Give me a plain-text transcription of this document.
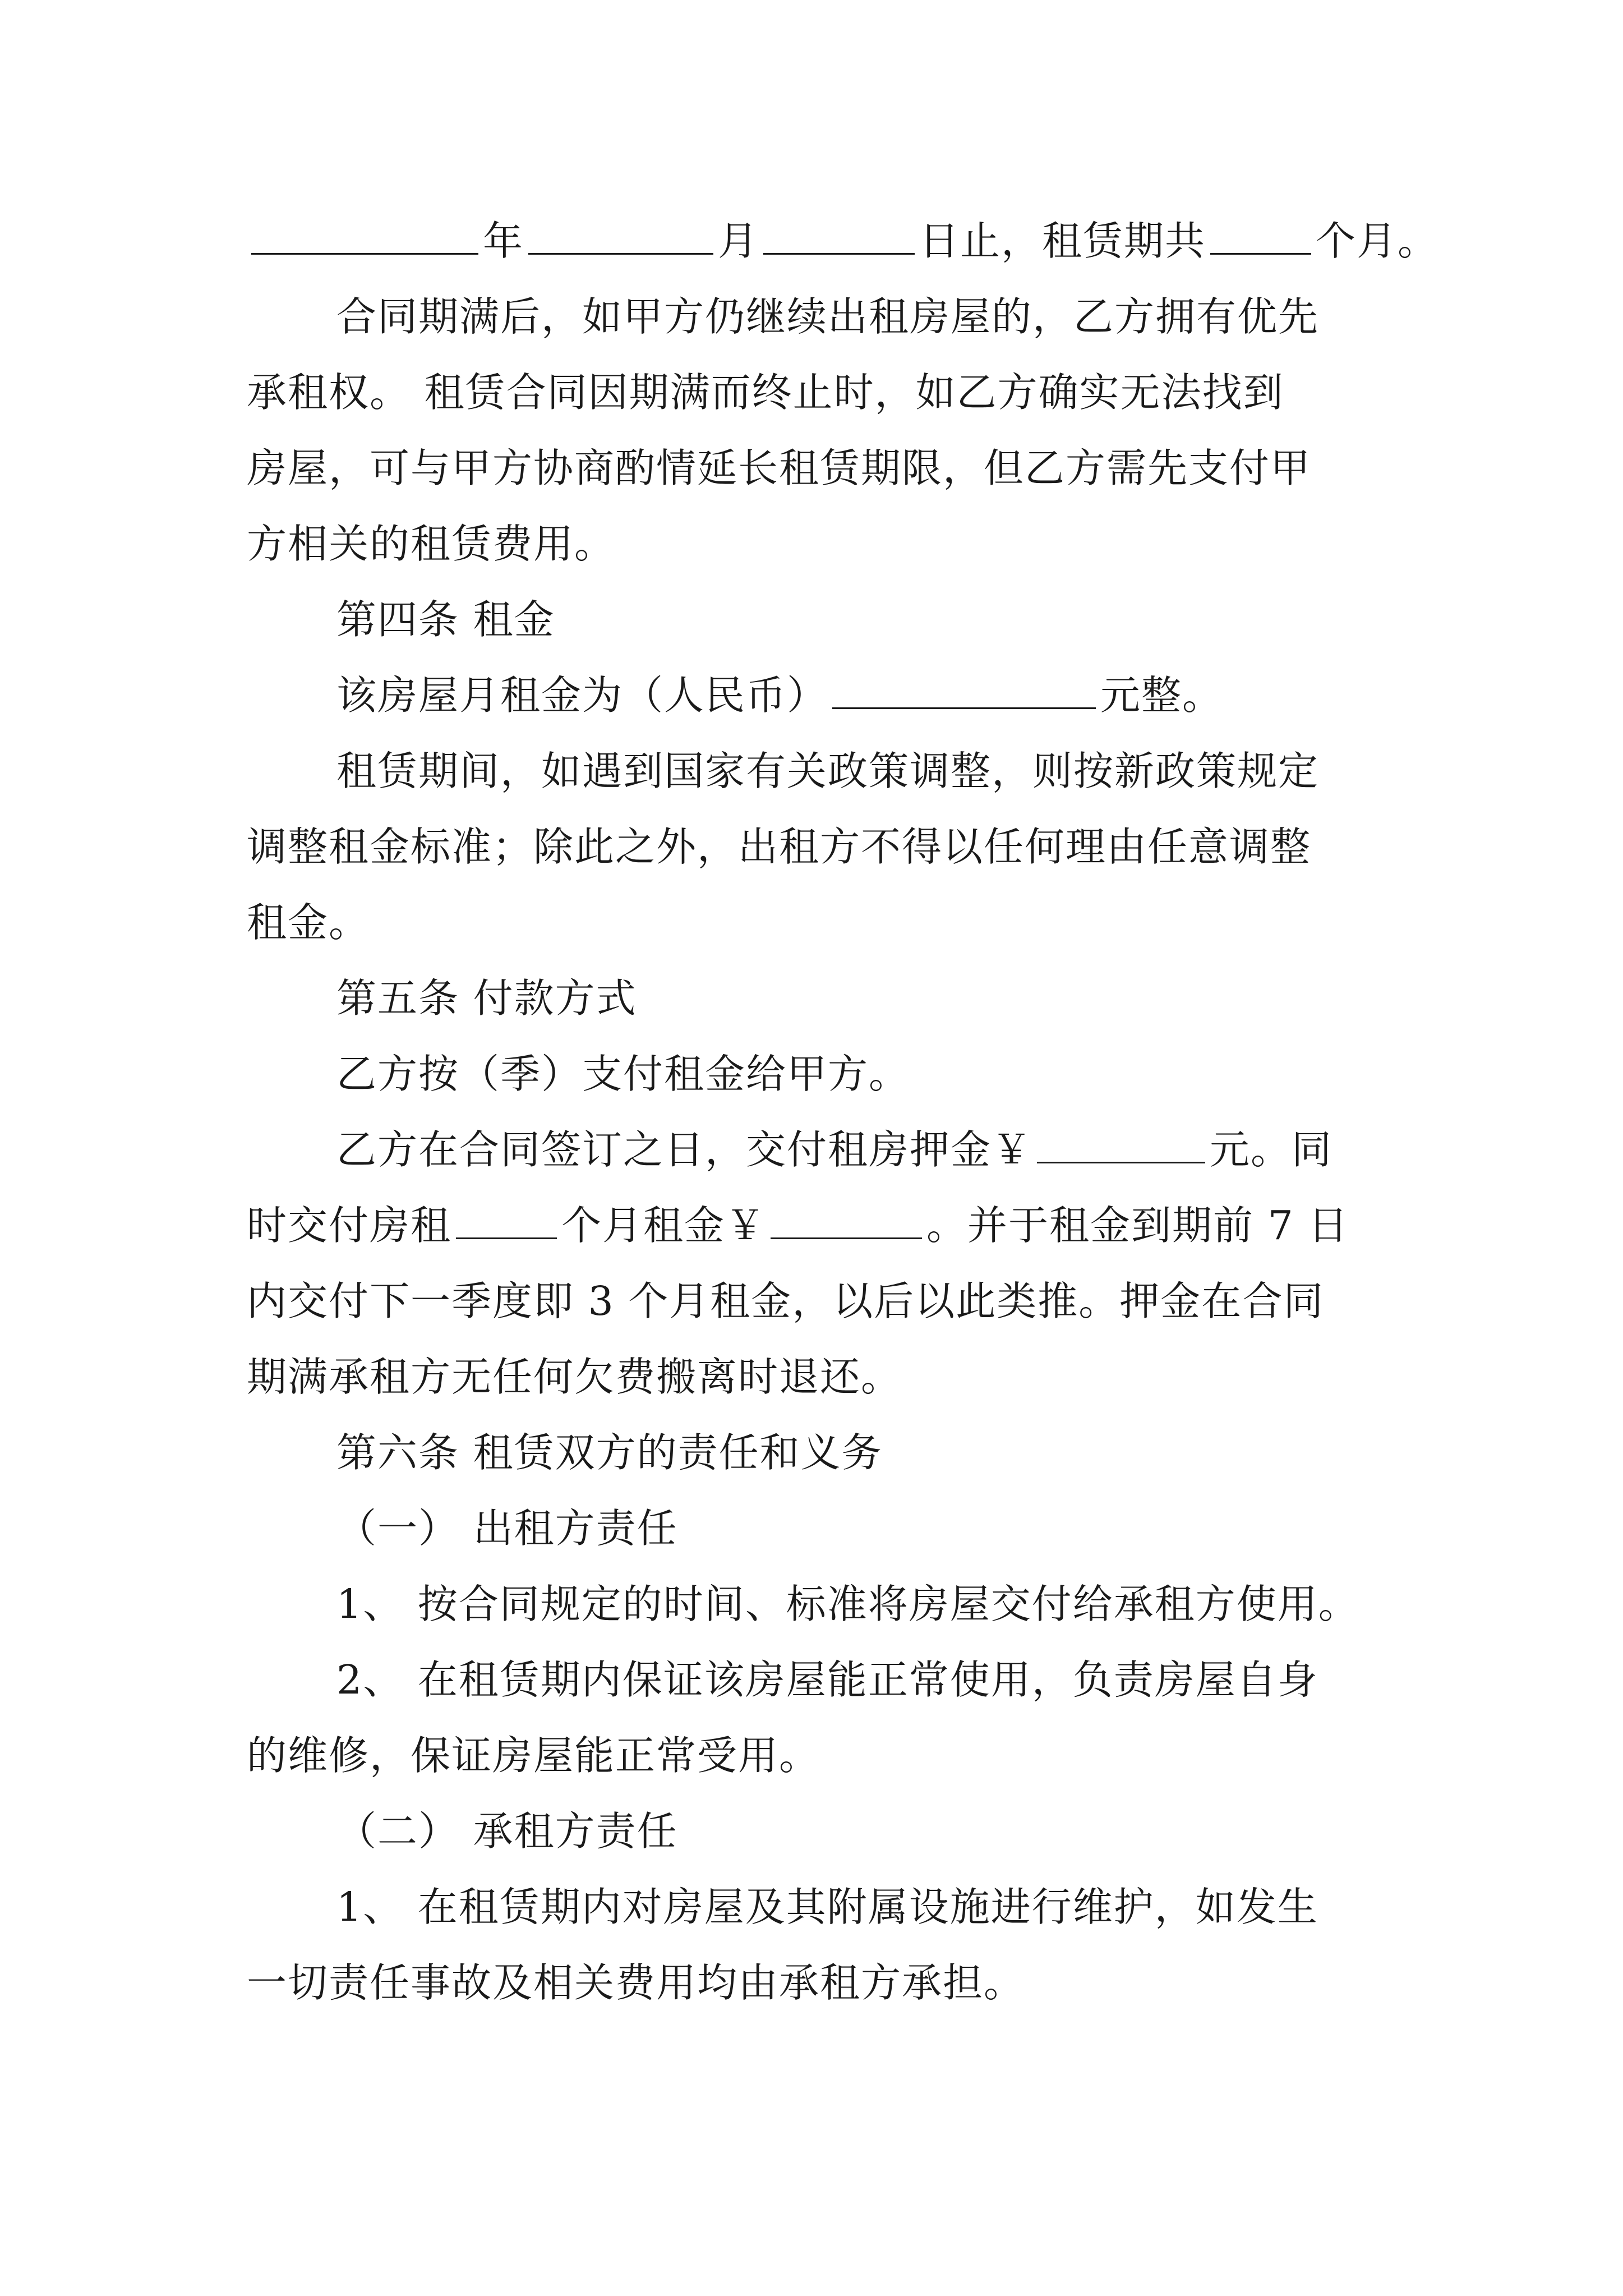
年	月	日止，租赁期共	个月。
合同期满后，如甲方仍继续出租房屋的，乙方拥有优先
承租权。 租赁合同因期满而终止时，如乙方确实无法找到
房屋，可与甲方协商酌情延长租赁期限，但乙方需先支付甲
方相关的租赁费用。
第四条 租金
该房屋月租金为（人民币）	元整。
租赁期间，如遇到国家有关政策调整，则按新政策规定
调整租金标准；除此之外，出租方不得以任何理由任意调整
租金。
第五条 付款方式
乙方按（季）支付租金给甲方。
乙方在合同签订之日，交付租房押金￥	元。同
时交付房租	个月租金￥	。并于租金到期前 7 日
内交付下一季度即 3 个月租金，以后以此类推。押金在合同
期满承租方无任何欠费搬离时退还。
第六条 租赁双方的责任和义务
（一） 出租方责任
1、 按合同规定的时间、标准将房屋交付给承租方使用。
2、 在租赁期内保证该房屋能正常使用，负责房屋自身
的维修，保证房屋能正常受用。
（二） 承租方责任
1、 在租赁期内对房屋及其附属设施进行维护，如发生
一切责任事故及相关费用均由承租方承担。
